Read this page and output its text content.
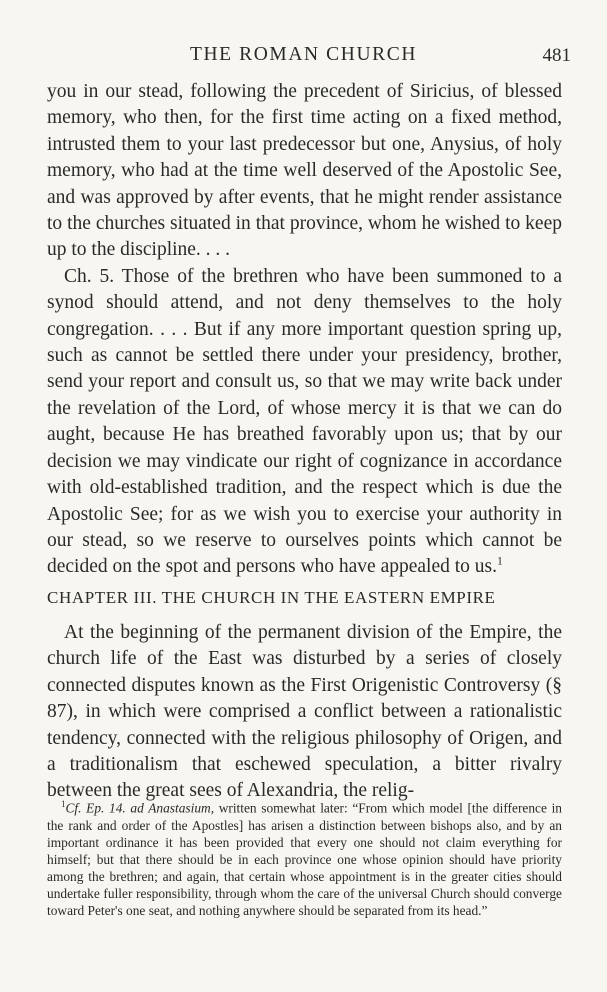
THE ROMAN CHURCH	481

you in our stead, following the precedent of Siricius, of blessed memory, who then, for the first time acting on a fixed method, intrusted them to your last predecessor but one, Anysius, of holy memory, who had at the time well deserved of the Apostolic See, and was approved by after events, that he might render assistance to the churches situated in that province, whom he wished to keep up to the discipline. . . .

Ch. 5. Those of the brethren who have been summoned to a synod should attend, and not deny themselves to the holy congregation. . . . But if any more important question spring up, such as cannot be settled there under your presidency, brother, send your report and consult us, so that we may write back under the revelation of the Lord, of whose mercy it is that we can do aught, because He has breathed favorably upon us; that by our decision we may vindicate our right of cognizance in accordance with old-established tradition, and the respect which is due the Apostolic See; for as we wish you to exercise your authority in our stead, so we reserve to ourselves points which cannot be decided on the spot and persons who have appealed to us.$^1$

CHAPTER III. THE CHURCH IN THE EASTERN EMPIRE

At the beginning of the permanent division of the Empire, the church life of the East was disturbed by a series of closely connected disputes known as the First Origenistic Controversy (§ 87), in which were comprised a conflict between a rationalistic tendency, connected with the religious philosophy of Origen, and a traditionalism that eschewed speculation, a bitter rivalry between the great sees of Alexandria, the relig-

$^1$Cf. Ep. 14. ad Anastasium, written somewhat later: “From which model [the difference in the rank and order of the Apostles] has arisen a distinction between bishops also, and by an important ordinance it has been provided that every one should not claim everything for himself; but that there should be in each province one whose opinion should have priority among the brethren; and again, that certain whose appointment is in the greater cities should undertake fuller responsibility, through whom the care of the universal Church should converge toward Peter's one seat, and nothing anywhere should be separated from its head.”
